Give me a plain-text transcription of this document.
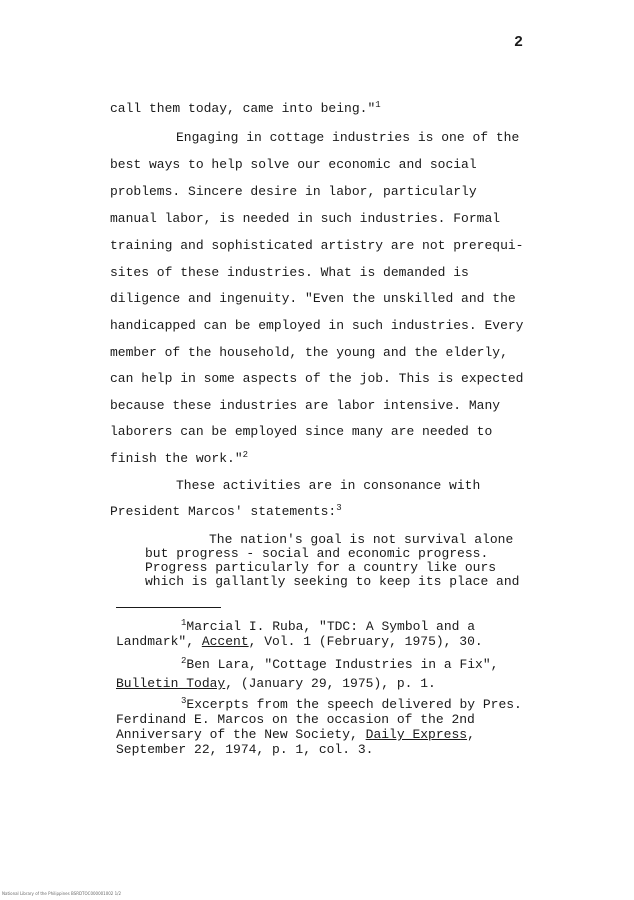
2

call them today, came into being."$^1$

Engaging in cottage industries is one of the

best ways to help solve our economic and social

problems. Sincere desire in labor, particularly

manual labor, is needed in such industries. Formal

training and sophisticated artistry are not prerequi-

sites of these industries. What is demanded is

diligence and ingenuity. "Even the unskilled and the

handicapped can be employed in such industries. Every

member of the household, the young and the elderly,

can help in some aspects of the job. This is expected

because these industries are labor intensive. Many

laborers can be employed since many are needed to

finish the work."$^2$

These activities are in consonance with

President Marcos' statements:$^3$

The nation's goal is not survival alone

but progress - social and economic progress.

Progress particularly for a country like ours

which is gallantly seeking to keep its place and

$^1$Marcial I. Ruba, "TDC: A Symbol and a

Landmark", Accent, Vol. 1 (February, 1975), 30.

$^2$Ben Lara, "Cottage Industries in a Fix",

Bulletin Today, (January 29, 1975), p. 1.

$^3$Excerpts from the speech delivered by Pres.

Ferdinand E. Marcos on the occasion of the 2nd

Anniversary of the New Society, Daily Express,

September 22, 1974, p. 1, col. 3.

National Library of the Philippines BSRDTOC000001002 1/2
